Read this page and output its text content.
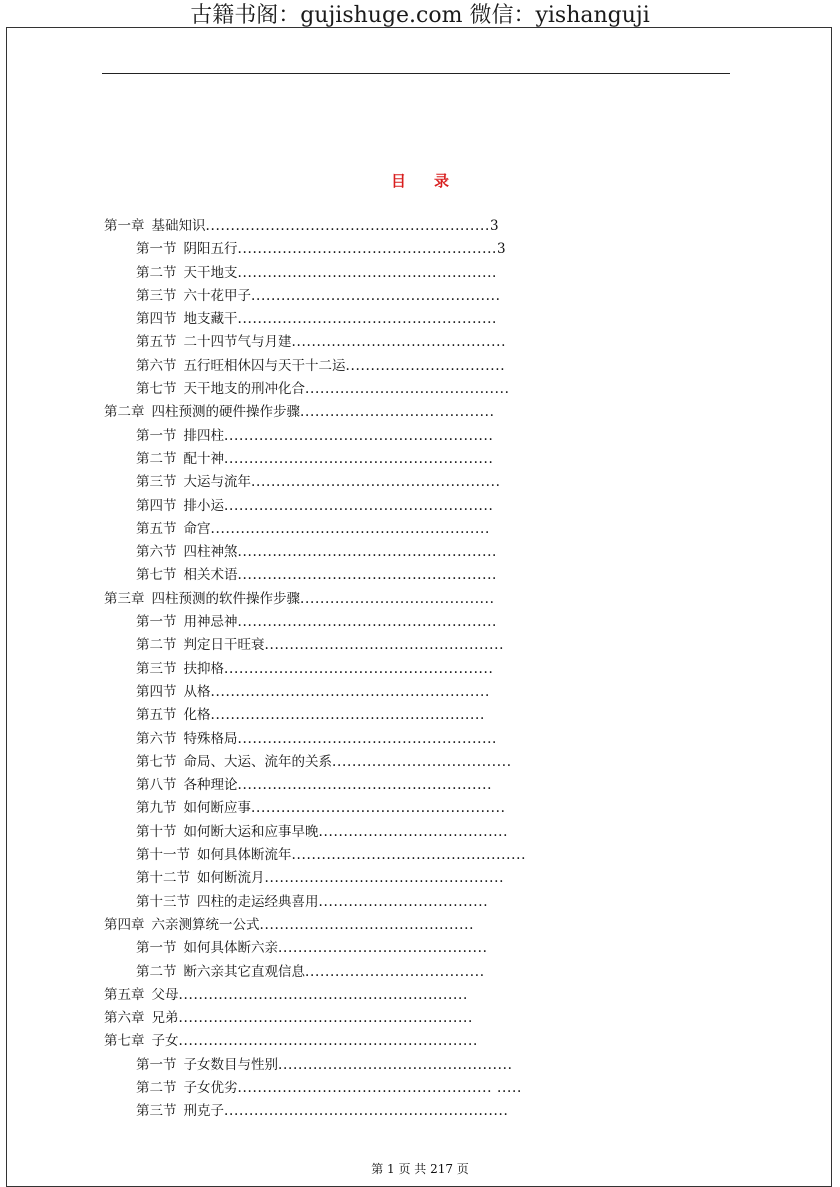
古籍书阁：gujishuge.com 微信：yishanguji
目 录
第一章 基础知识.........................................................3
第一节 阴阳五行....................................................3
第二节 天干地支....................................................
第三节 六十花甲子..................................................
第四节 地支藏干....................................................
第五节 二十四节气与月建...........................................
第六节 五行旺相休囚与天干十二运................................
第七节 天干地支的刑冲化合.........................................
第二章 四柱预测的硬件操作步骤.......................................
第一节 排四柱......................................................
第二节 配十神......................................................
第三节 大运与流年..................................................
第四节 排小运......................................................
第五节 命宫........................................................
第六节 四柱神煞....................................................
第七节 相关术语....................................................
第三章 四柱预测的软件操作步骤.......................................
第一节 用神忌神....................................................
第二节 判定日干旺衰................................................
第三节 扶抑格......................................................
第四节 从格........................................................
第五节 化格.......................................................
第六节 特殊格局....................................................
第七节 命局、大运、流年的关系....................................
第八节 各种理论...................................................
第九节 如何断应事...................................................
第十节 如何断大运和应事早晚......................................
第十一节 如何具体断流年...............................................
第十二节 如何断流月................................................
第十三节 四柱的走运经典喜用..................................
第四章 六亲测算统一公式...........................................
第一节 如何具体断六亲..........................................
第二节 断六亲其它直观信息....................................
第五章 父母..........................................................
第六章 兄弟...........................................................
第七章 子女............................................................
第一节 子女数目与性别...............................................
第二节 子女优劣................................................... .....
第三节 刑克子.........................................................
第 1 页 共 217 页
